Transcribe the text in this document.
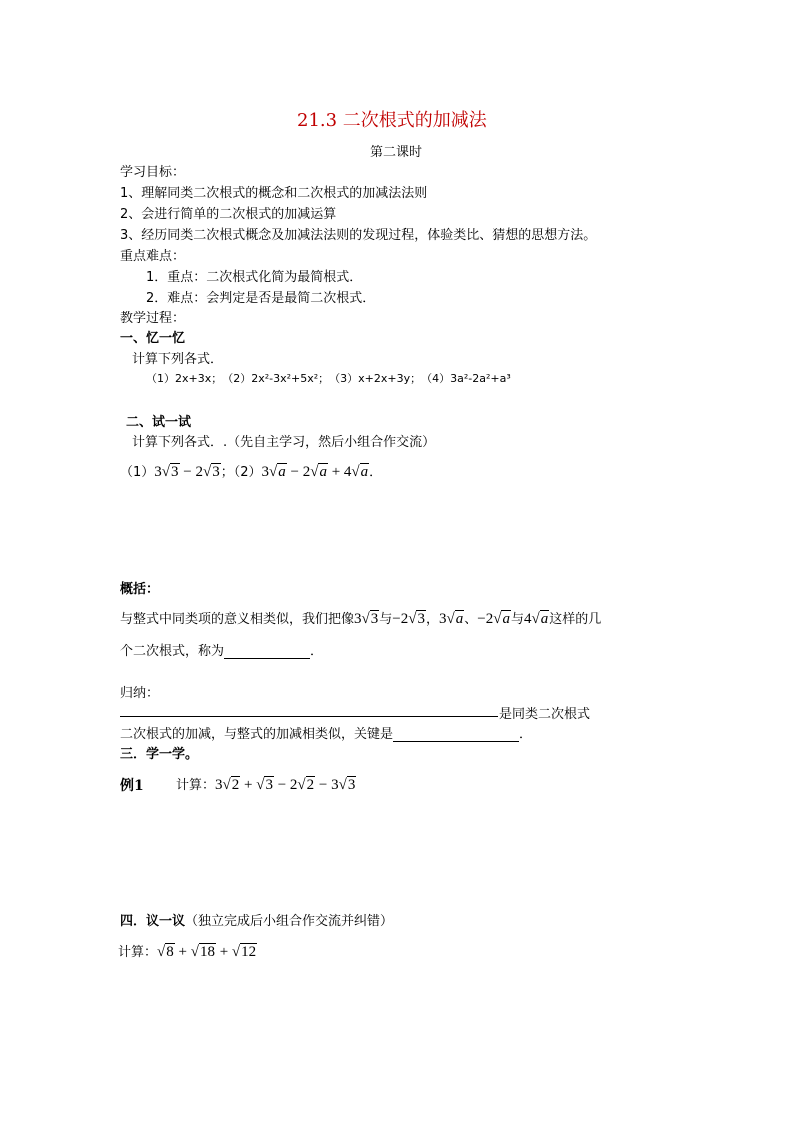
21.3 二次根式的加减法
第二课时
学习目标：
1、理解同类二次根式的概念和二次根式的加减法法则
2、会进行简单的二次根式的加减运算
3、经历同类二次根式概念及加减法法则的发现过程，体验类比、猜想的思想方法。
重点难点：
1．重点：二次根式化简为最简根式．
2．难点：会判定是否是最简二次根式．
教学过程：
一、忆一忆
计算下列各式．
（1）2x+3x；　（2）2x²-3x²+5x²；　（3）x+2x+3y；　（4）3a²-2a²+a³
二、试一试
计算下列各式．.（先自主学习，然后小组合作交流）
（1）3√3 − 2√3；（2）3√a − 2√a + 4√a．
概括：
与整式中同类项的意义相类似，我们把像3√3与−2√3，3√a、−2√a与4√a这样的几
个二次根式，称为	．
归纳：
是同类二次根式
二次根式的加减，与整式的加减相类似，关键是	．
三．学一学。
例1 计算：3√2 + √3 − 2√2 − 3√3
四．议一议（独立完成后小组合作交流并纠错）
计算：√8 + √18 + √12
